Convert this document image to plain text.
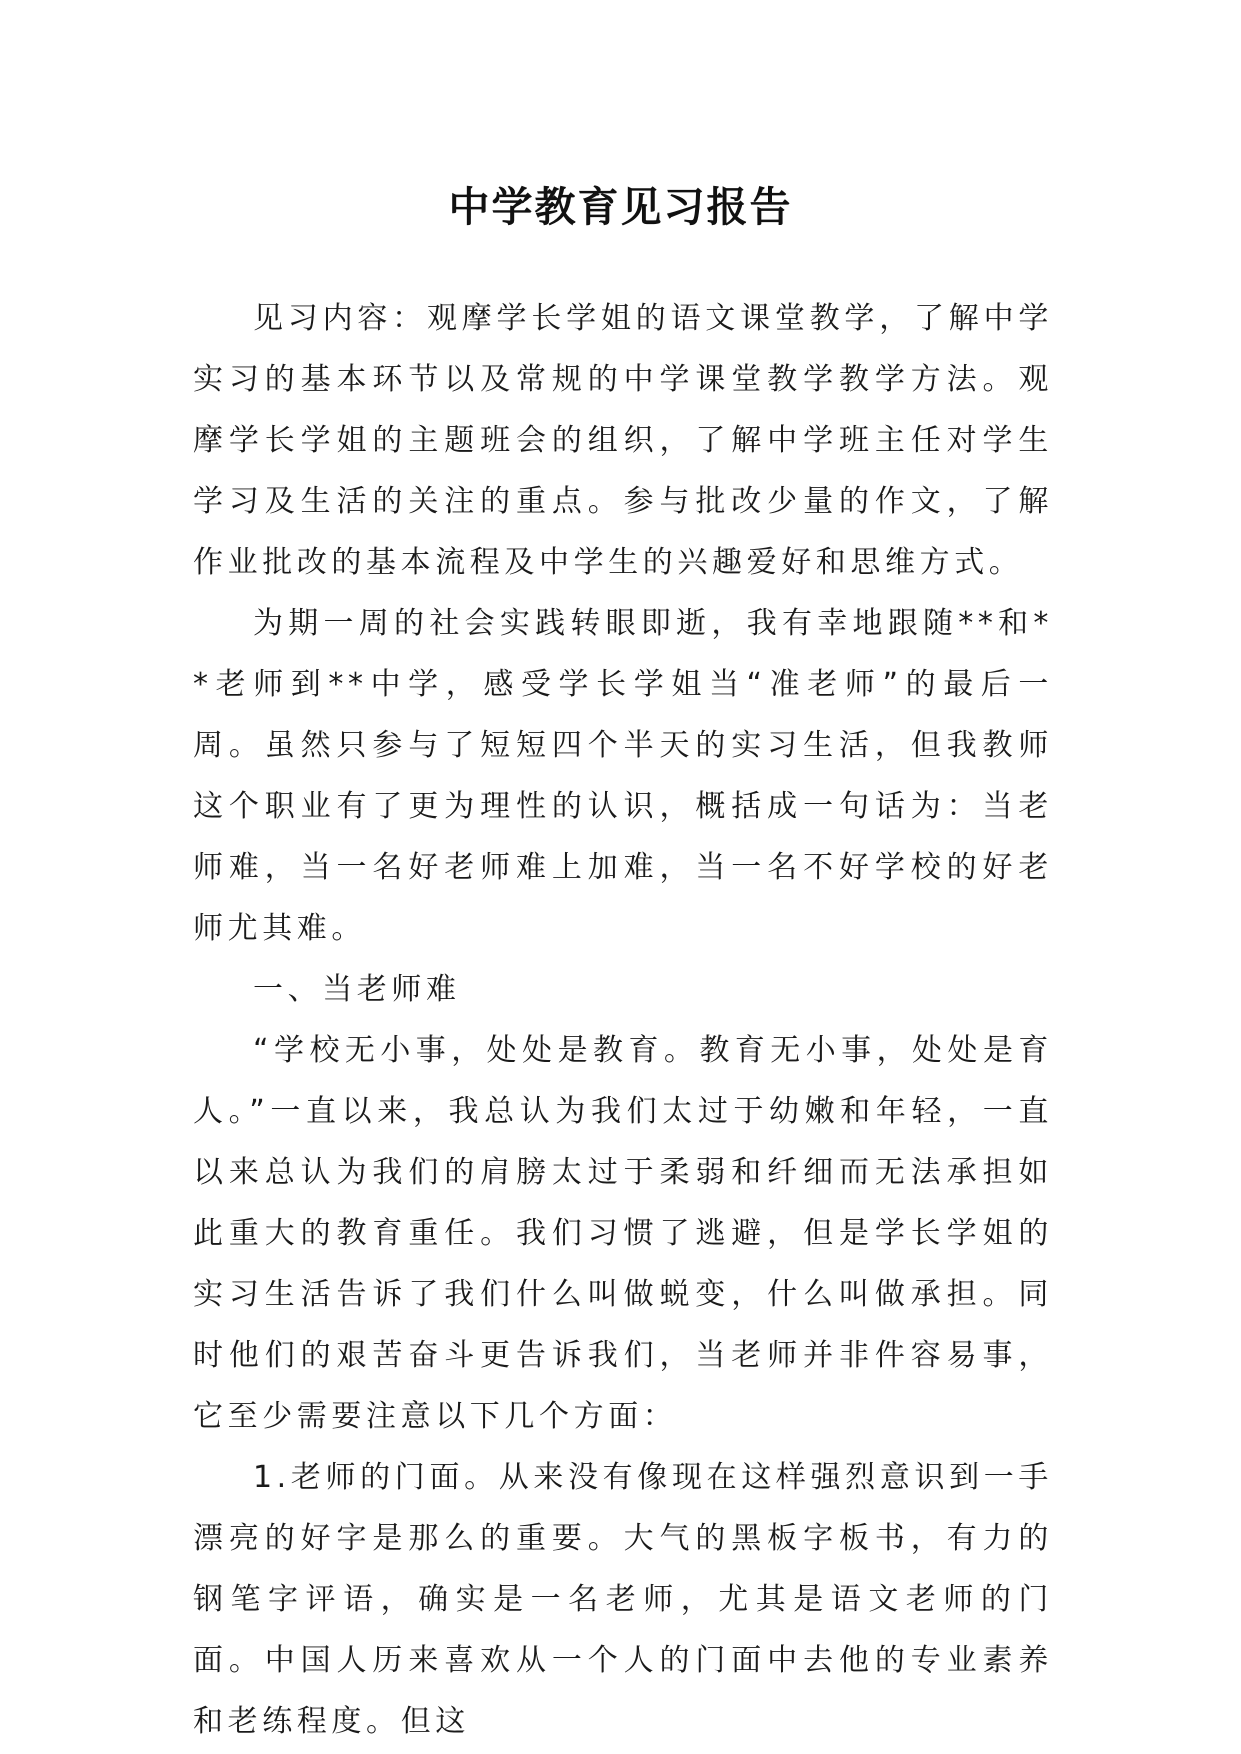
中学教育见习报告

见习内容：观摩学长学姐的语文课堂教学，了解中学实习的基本环节以及常规的中学课堂教学教学方法。观摩学长学姐的主题班会的组织，了解中学班主任对学生学习及生活的关注的重点。参与批改少量的作文，了解作业批改的基本流程及中学生的兴趣爱好和思维方式。

为期一周的社会实践转眼即逝，我有幸地跟随**和**老师到**中学，感受学长学姐当“准老师”的最后一周。虽然只参与了短短四个半天的实习生活，但我教师这个职业有了更为理性的认识，概括成一句话为：当老师难，当一名好老师难上加难，当一名不好学校的好老师尤其难。

一、当老师难

“学校无小事，处处是教育。教育无小事，处处是育人。”一直以来，我总认为我们太过于幼嫩和年轻，一直以来总认为我们的肩膀太过于柔弱和纤细而无法承担如此重大的教育重任。我们习惯了逃避，但是学长学姐的实习生活告诉了我们什么叫做蜕变，什么叫做承担。同时他们的艰苦奋斗更告诉我们，当老师并非件容易事，它至少需要注意以下几个方面：

1.老师的门面。从来没有像现在这样强烈意识到一手漂亮的好字是那么的重要。大气的黑板字板书，有力的钢笔字评语，确实是一名老师，尤其是语文老师的门面。中国人历来喜欢从一个人的门面中去他的专业素养和老练程度。但这
